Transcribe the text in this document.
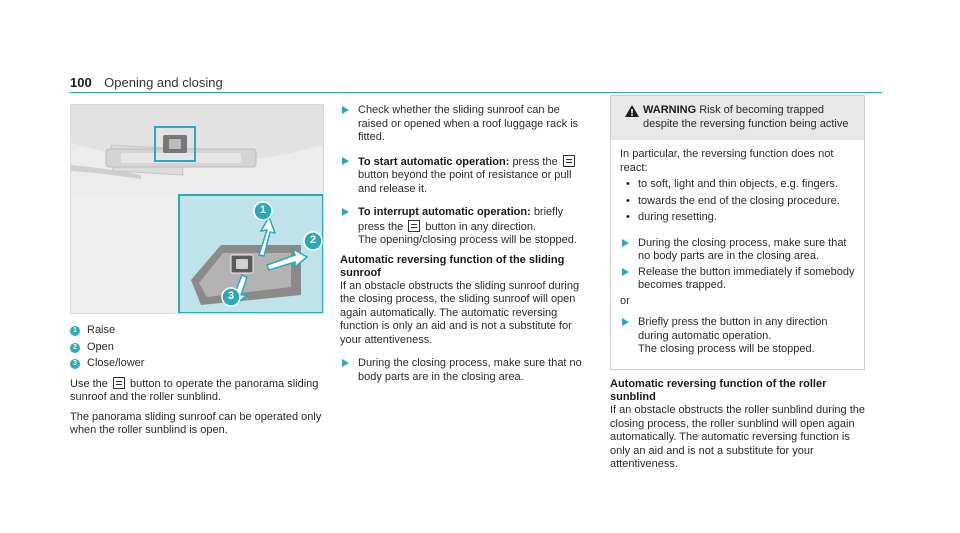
100 Opening and closing
1
2
3

1 Raise

2 Open

3 Close/lower

Use the button to operate the panorama sliding sunroof and the roller sunblind.

The panorama sliding sunroof can be operated only when the roller sunblind is open.

Check whether the sliding sunroof can be raised or opened when a roof luggage rack is fitted.
To start automatic operation: press the  button beyond the point of resistance or pull and release it.
To interrupt automatic operation: briefly press the button in any direction.
The opening/closing process will be stopped.

Automatic reversing function of the sliding sunroof

If an obstacle obstructs the sliding sunroof during the closing process, the sliding sunroof will open again automatically. The automatic reversing function is only an aid and is not a substitute for your attentiveness.

During the closing process, make sure that no body parts are in the closing area.
WARNING Risk of becoming trapped despite the reversing function being active

In particular, the reversing function does not react:

• to soft, light and thin objects, e.g. fingers.
• towards the end of the closing procedure.
• during resetting.
During the closing process, make sure that no body parts are in the closing area.
Release the button immediately if somebody becomes trapped.

or

Briefly press the button in any direction during automatic operation.
The closing process will be stopped.

Automatic reversing function of the roller sunblind

If an obstacle obstructs the roller sunblind during the closing process, the roller sunblind will open again automatically. The automatic reversing function is only an aid and is not a substitute for your attentiveness.
